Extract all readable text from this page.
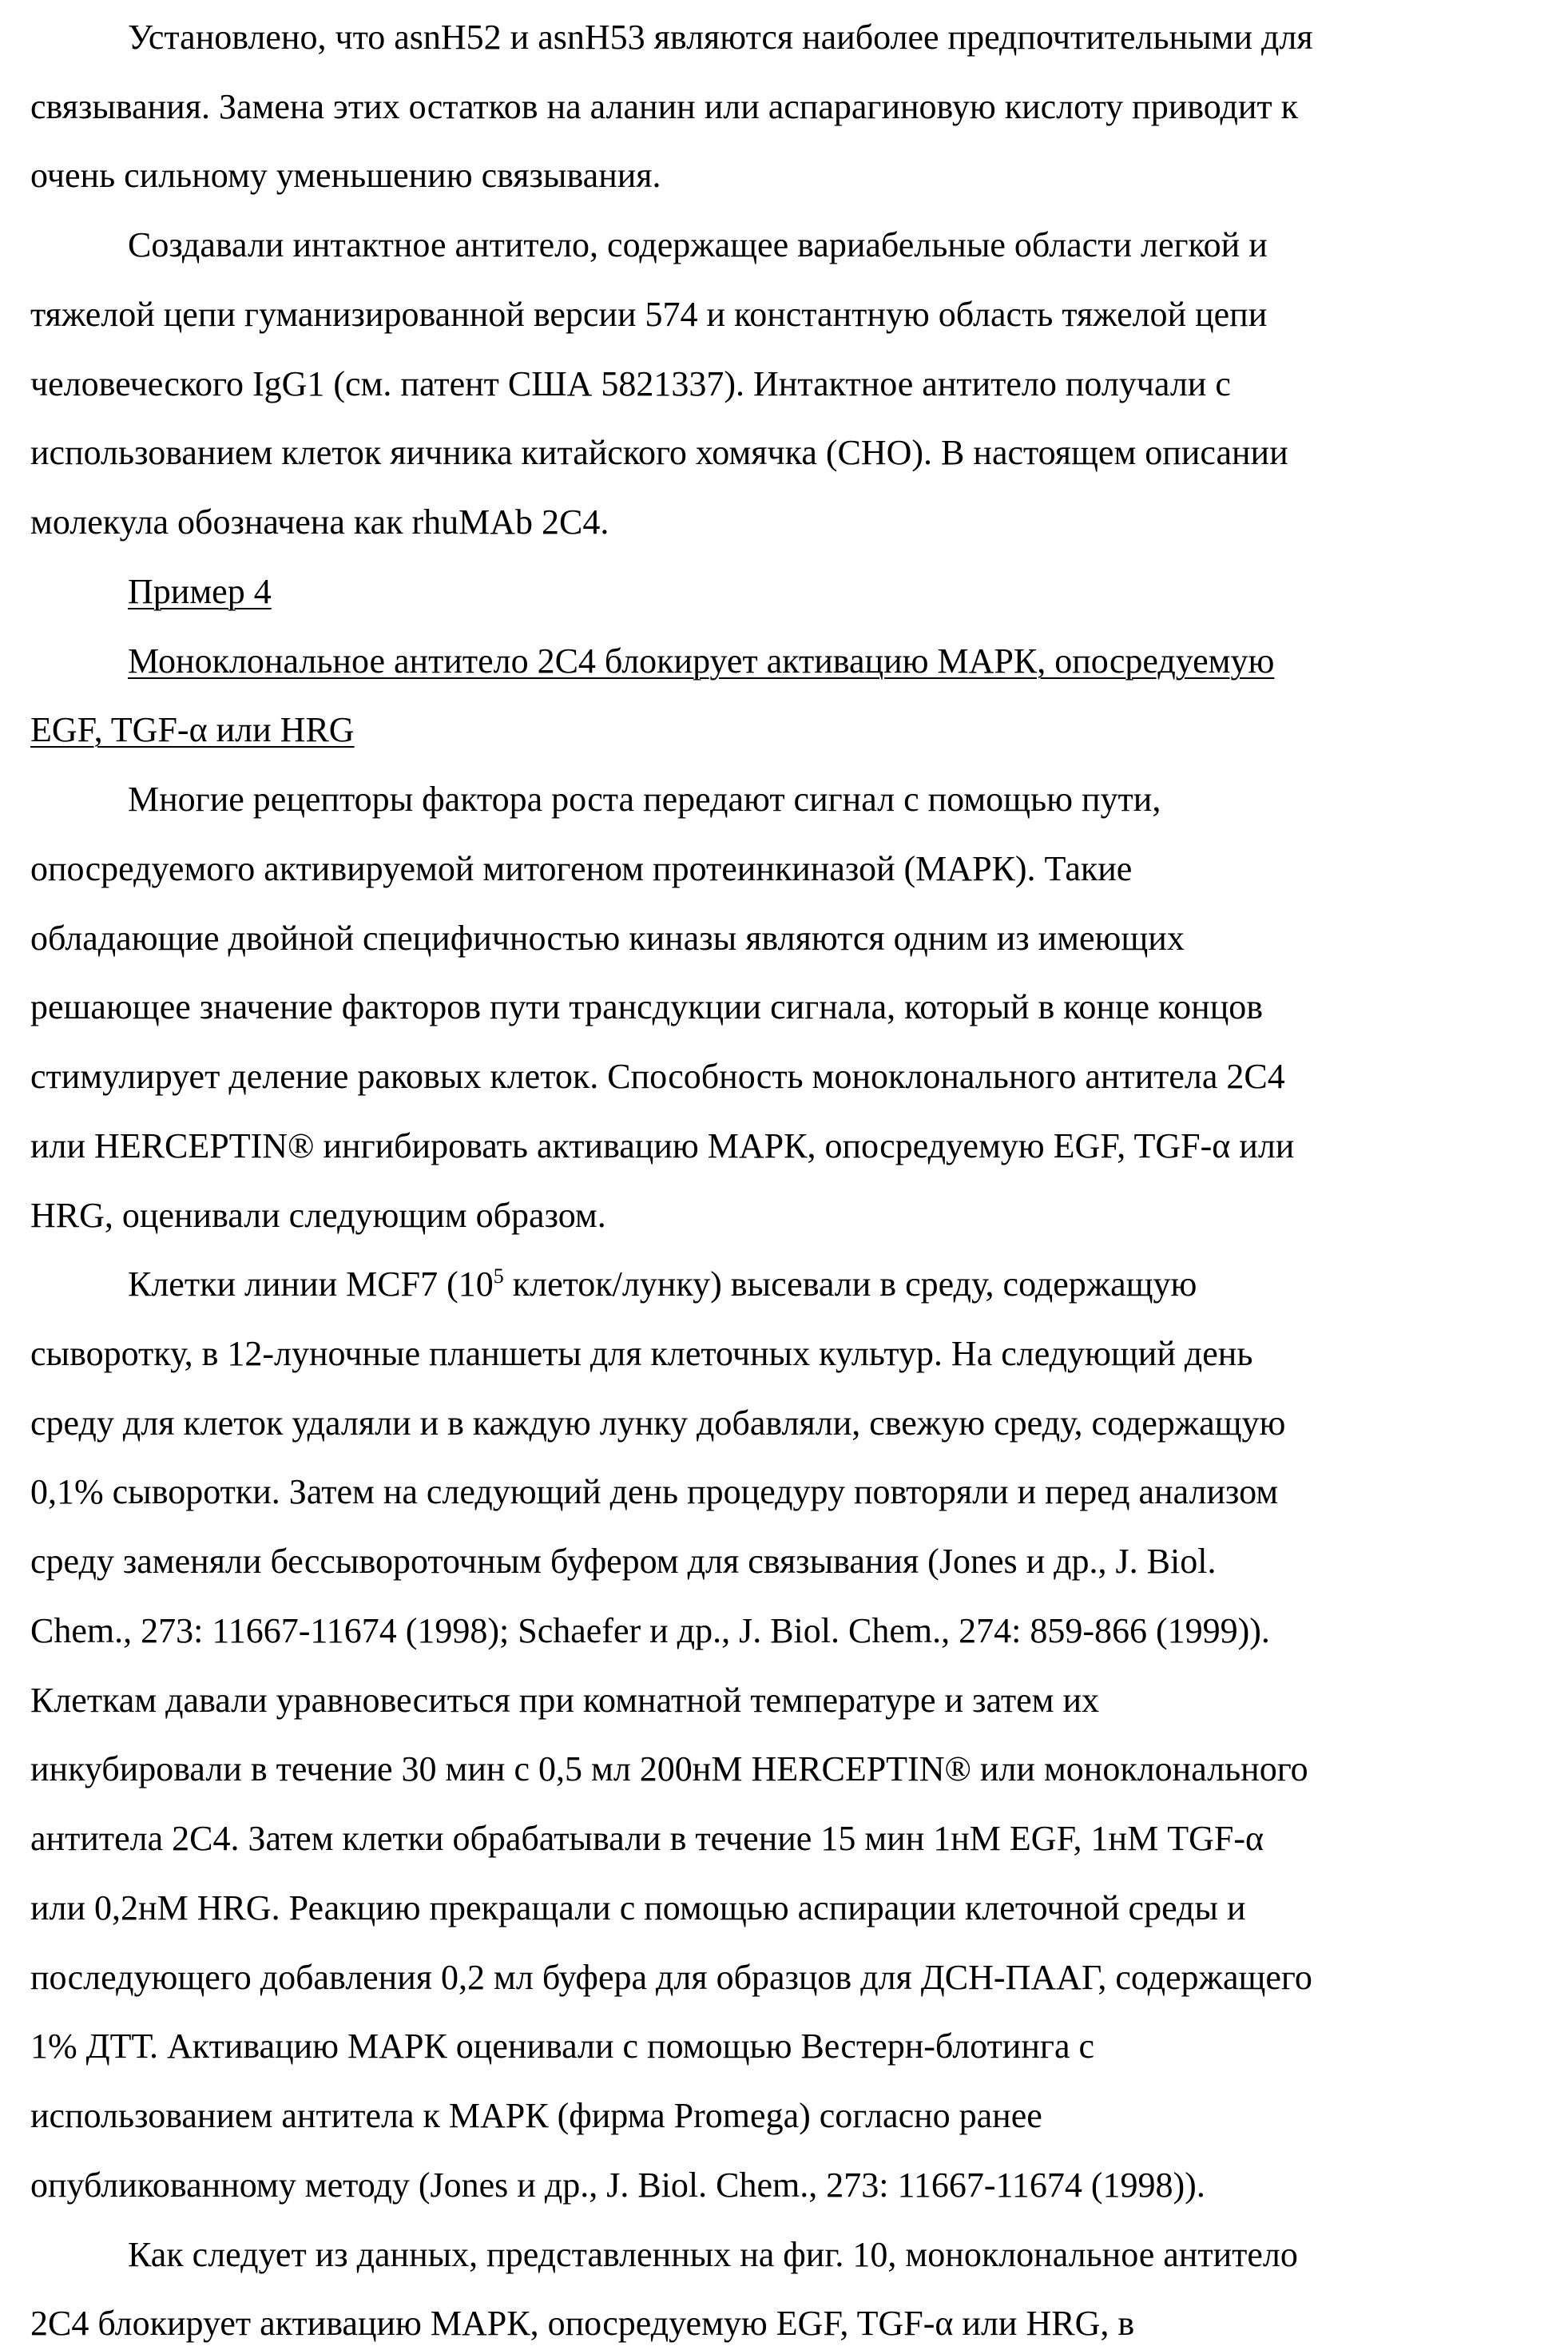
Установлено, что asnH52 и asnH53 являются наиболее предпочтительными для
связывания. Замена этих остатков на аланин или аспарагиновую кислоту приводит к
очень сильному уменьшению связывания.
Создавали интактное антитело, содержащее вариабельные области легкой и
тяжелой цепи гуманизированной версии 574 и константную область тяжелой цепи
человеческого IgG1 (см. патент США 5821337). Интактное антитело получали с
использованием клеток яичника китайского хомячка (СНО). В настоящем описании
молекула обозначена как rhuMAb 2C4.
Пример 4
Моноклональное антитело 2С4 блокирует активацию МАРК, опосредуемую
EGF, TGF-α или HRG
Многие рецепторы фактора роста передают сигнал с помощью пути,
опосредуемого активируемой митогеном протеинкиназой (МАРК). Такие
обладающие двойной специфичностью киназы являются одним из имеющих
решающее значение факторов пути трансдукции сигнала, который в конце концов
стимулирует деление раковых клеток. Способность моноклонального антитела 2С4
или HERCEPTIN® ингибировать активацию МАРК, опосредуемую EGF, TGF-α или
HRG, оценивали следующим образом.
Клетки линии MCF7 ($10^5$ клеток/лунку) высевали в среду, содержащую
сыворотку, в 12-луночные планшеты для клеточных культур. На следующий день
среду для клеток удаляли и в каждую лунку добавляли, свежую среду, содержащую
0,1% сыворотки. Затем на следующий день процедуру повторяли и перед анализом
среду заменяли бессывороточным буфером для связывания (Jones и др., J. Biol.
Chem., 273: 11667-11674 (1998); Schaefer и др., J. Biol. Chem., 274: 859-866 (1999)).
Клеткам давали уравновеситься при комнатной температуре и затем их
инкубировали в течение 30 мин с 0,5 мл 200нМ HERCEPTIN® или моноклонального
антитела 2С4. Затем клетки обрабатывали в течение 15 мин 1нМ EGF, 1нМ TGF-α
или 0,2нМ HRG. Реакцию прекращали с помощью аспирации клеточной среды и
последующего добавления 0,2 мл буфера для образцов для ДСН-ПААГ, содержащего
1% ДТТ. Активацию МАРК оценивали с помощью Вестерн-блотинга с
использованием антитела к МАРК (фирма Promega) согласно ранее
опубликованному методу (Jones и др., J. Biol. Chem., 273: 11667-11674 (1998)).
Как следует из данных, представленных на фиг. 10, моноклональное антитело
2С4 блокирует активацию МАРК, опосредуемую EGF, TGF-α или HRG, в
